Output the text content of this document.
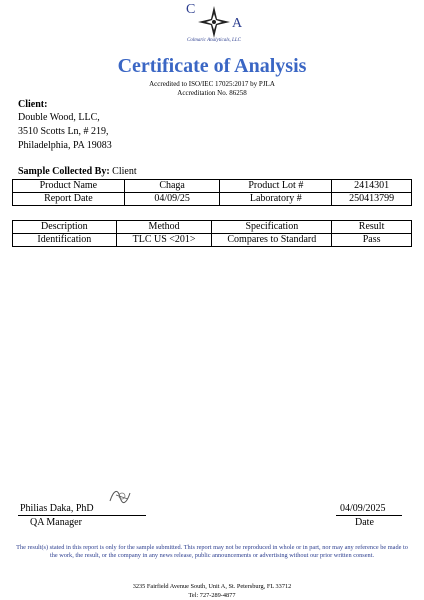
C
A
Colmaric Analyticals, LLC
Certificate of Analysis
Accredited to ISO/IEC 17025:2017 by PJLA
Accreditation No. 86258
Client:
Double Wood, LLC,
3510 Scotts Ln, # 219,
Philadelphia, PA 19083
Sample Collected By: Client
Product Name	Chaga	Product Lot #	2414301
Report Date	04/09/25	Laboratory #	250413799
Description	Method	Specification	Result
Identification	TLC US <201>	Compares to Standard	Pass
Philias Daka, PhD
QA Manager
04/09/2025
Date
The result(s) stated in this report is only for the sample submitted. This report may not be reproduced in whole or in part, nor may any reference be made to the work, the result, or the company in any news release, public announcements or advertising without our prior written consent.
3235 Fairfield Avenue South, Unit A, St. Petersburg, FL 33712
Tel: 727-289-4877
